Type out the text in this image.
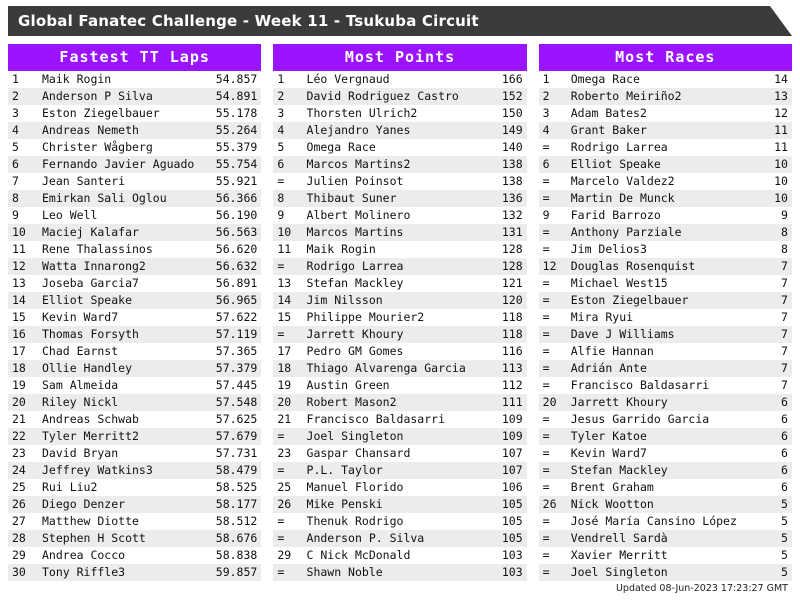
Global Fanatec Challenge - Week 11 - Tsukuba Circuit
Fastest TT Laps
1	Maik Rogin	54.857
2	Anderson P Silva	54.891
3	Eston Ziegelbauer	55.178
4	Andreas Nemeth	55.264
5	Christer Wågberg	55.379
6	Fernando Javier Aguado	55.754
7	Jean Santeri	55.921
8	Emirkan Sali Oglou	56.366
9	Leo Well	56.190
10	Maciej Kalafar	56.563
11	Rene Thalassinos	56.620
12	Watta Innarong2	56.632
13	Joseba Garcia7	56.891
14	Elliot Speake	56.965
15	Kevin Ward7	57.622
16	Thomas Forsyth	57.119
17	Chad Earnst	57.365
18	Ollie Handley	57.379
19	Sam Almeida	57.445
20	Riley Nickl	57.548
21	Andreas Schwab	57.625
22	Tyler Merritt2	57.679
23	David Bryan	57.731
24	Jeffrey Watkins3	58.479
25	Rui Liu2	58.525
26	Diego Denzer	58.177
27	Matthew Diotte	58.512
28	Stephen H Scott	58.676
29	Andrea Cocco	58.838
30	Tony Riffle3	59.857
Most Points
1	Léo Vergnaud	166
2	David Rodriguez Castro	152
3	Thorsten Ulrich2	150
4	Alejandro Yanes	149
5	Omega Race	140
6	Marcos Martins2	138
=	Julien Poinsot	138
8	Thibaut Suner	136
9	Albert Molinero	132
10	Marcos Martins	131
11	Maik Rogin	128
=	Rodrigo Larrea	128
13	Stefan Mackley	121
14	Jim Nilsson	120
15	Philippe Mourier2	118
=	Jarrett Khoury	118
17	Pedro GM Gomes	116
18	Thiago Alvarenga Garcia	113
19	Austin Green	112
20	Robert Mason2	111
21	Francisco Baldasarri	109
=	Joel Singleton	109
23	Gaspar Chansard	107
=	P.L. Taylor	107
25	Manuel Florido	106
26	Mike Penski	105
=	Thenuk Rodrigo	105
=	Anderson P. Silva	105
29	C Nick McDonald	103
=	Shawn Noble	103
Most Races
1	Omega Race	14
2	Roberto Meiriño2	13
3	Adam Bates2	12
4	Grant Baker	11
=	Rodrigo Larrea	11
6	Elliot Speake	10
=	Marcelo Valdez2	10
=	Martin De Munck	10
9	Farid Barrozo	9
=	Anthony Parziale	8
=	Jim Delios3	8
12	Douglas Rosenquist	7
=	Michael West15	7
=	Eston Ziegelbauer	7
=	Mira Ryui	7
=	Dave J Williams	7
=	Alfie Hannan	7
=	Adrián Ante	7
=	Francisco Baldasarri	7
20	Jarrett Khoury	6
=	Jesus Garrido Garcia	6
=	Tyler Katoe	6
=	Kevin Ward7	6
=	Stefan Mackley	6
=	Brent Graham	6
26	Nick Wootton	5
=	José María Cansino López	5
=	Vendrell Sardà	5
=	Xavier Merritt	5
=	Joel Singleton	5
Updated 08-Jun-2023 17:23:27 GMT
